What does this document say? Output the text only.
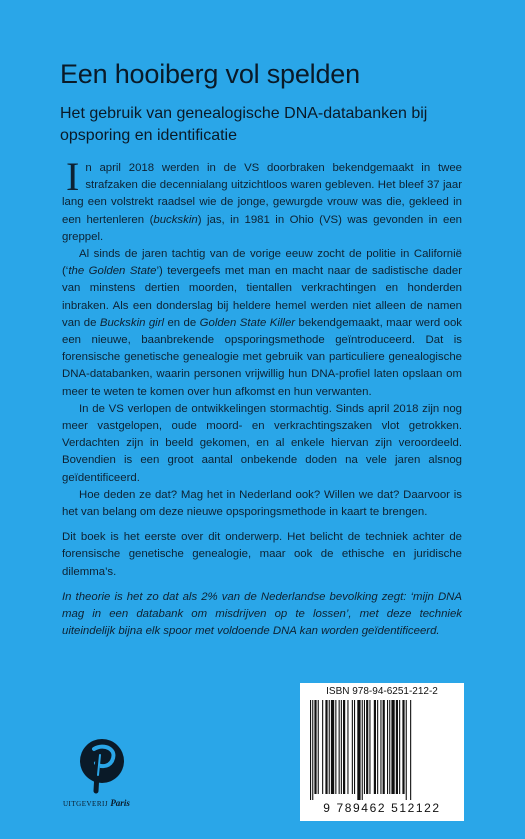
Een hooiberg vol spelden
Het gebruik van genealogische DNA-databanken bij opsporing en identificatie

In april 2018 werden in de VS doorbraken bekendgemaakt in twee strafzaken die decennialang uitzichtloos waren gebleven. Het bleef 37 jaar lang een volstrekt raadsel wie de jonge, gewurgde vrouw was die, gekleed in een hertenleren (buckskin) jas, in 1981 in Ohio (VS) was gevonden in een greppel.

Al sinds de jaren tachtig van de vorige eeuw zocht de politie in Californië (‘the Golden State’) tevergeefs met man en macht naar de sadistische dader van minstens dertien moorden, tientallen verkrachtingen en honderden inbraken. Als een donderslag bij heldere hemel werden niet alleen de namen van de Buckskin girl en de Golden State Killer bekendgemaakt, maar werd ook een nieuwe, baanbrekende opsporingsmethode geïntroduceerd. Dat is forensische genetische genealogie met gebruik van particuliere genealogische DNA-databanken, waarin personen vrijwillig hun DNA-profiel laten opslaan om meer te weten te komen over hun afkomst en hun verwanten.

In de VS verlopen de ontwikkelingen stormachtig. Sinds april 2018 zijn nog meer vastgelopen, oude moord- en verkrachtingszaken vlot getrokken. Verdachten zijn in beeld gekomen, en al enkele hiervan zijn veroordeeld. Bovendien is een groot aantal onbekende doden na vele jaren alsnog geïdentificeerd.

Hoe deden ze dat? Mag het in Nederland ook? Willen we dat? Daarvoor is het van belang om deze nieuwe opsporingsmethode in kaart te brengen.

Dit boek is het eerste over dit onderwerp. Het belicht de techniek achter de forensische genetische genealogie, maar ook de ethische en juridische dilemma’s.

In theorie is het zo dat als 2% van de Nederlandse bevolking zegt: ‘mijn DNA mag in een databank om misdrijven op te lossen’, met deze techniek uiteindelijk bijna elk spoor met voldoende DNA kan worden geïdentificeerd.

UITGEVERIJ Paris
ISBN 978-94-6251-212-2
9 789462 512122
